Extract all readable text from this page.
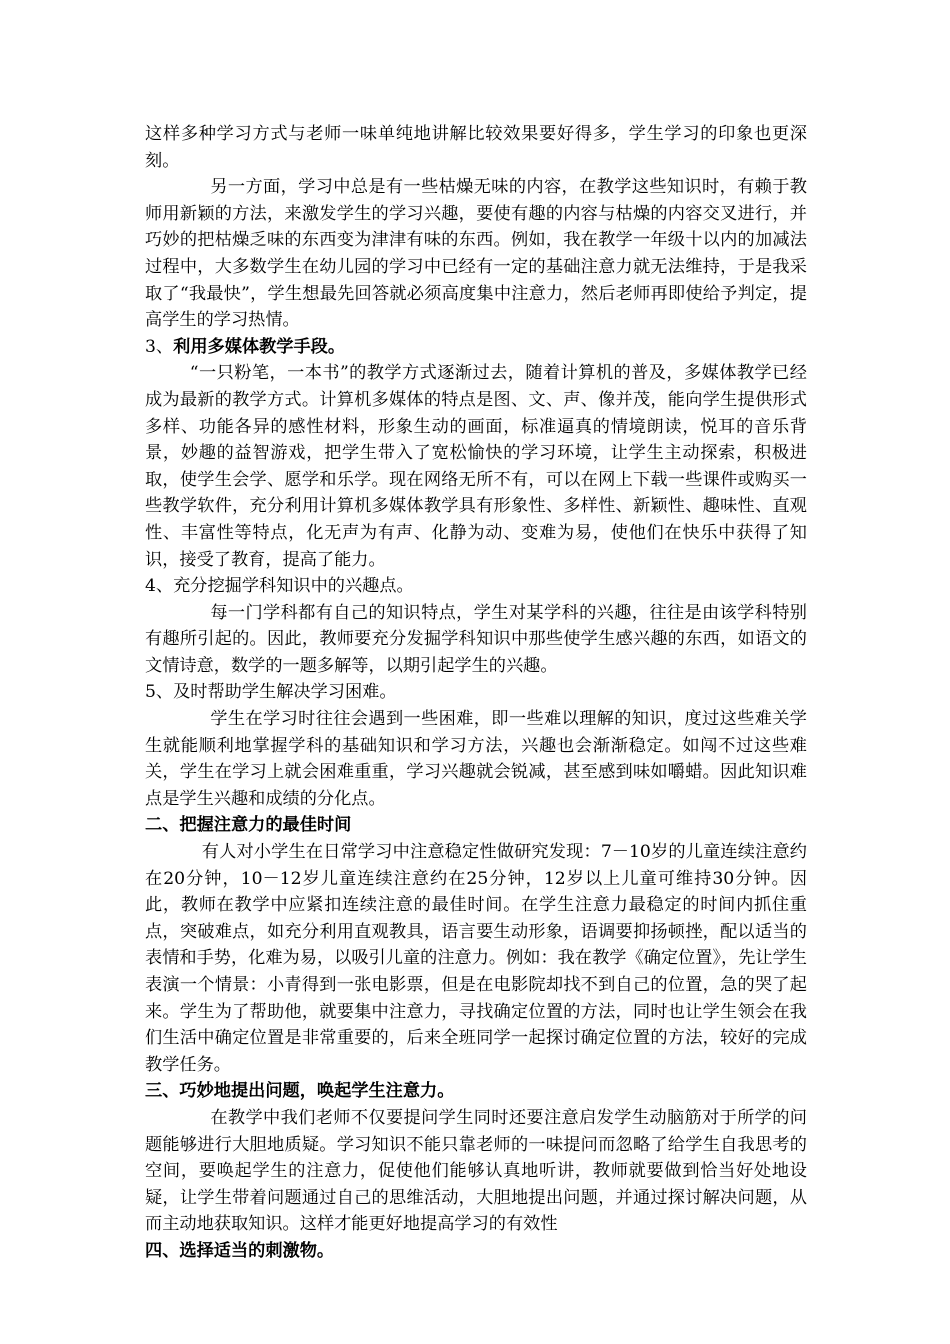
这样多种学习方式与老师一味单纯地讲解比较效果要好得多，学生学习的印象也更深刻。

另一方面，学习中总是有一些枯燥无味的内容，在教学这些知识时，有赖于教师用新颖的方法，来激发学生的学习兴趣，要使有趣的内容与枯燥的内容交叉进行，并巧妙的把枯燥乏味的东西变为津津有味的东西。例如，我在教学一年级十以内的加减法过程中，大多数学生在幼儿园的学习中已经有一定的基础注意力就无法维持，于是我采取了“我最快”，学生想最先回答就必须高度集中注意力，然后老师再即使给予判定，提高学生的学习热情。

3、利用多媒体教学手段。

“一只粉笔，一本书”的教学方式逐渐过去，随着计算机的普及，多媒体教学已经成为最新的教学方式。计算机多媒体的特点是图、文、声、像并茂，能向学生提供形式多样、功能各异的感性材料，形象生动的画面，标准逼真的情境朗读，悦耳的音乐背景，妙趣的益智游戏，把学生带入了宽松愉快的学习环境，让学生主动探索，积极进取，使学生会学、愿学和乐学。现在网络无所不有，可以在网上下载一些课件或购买一些教学软件，充分利用计算机多媒体教学具有形象性、多样性、新颖性、趣味性、直观性、丰富性等特点，化无声为有声、化静为动、变难为易，使他们在快乐中获得了知识，接受了教育，提高了能力。

4、充分挖掘学科知识中的兴趣点。

每一门学科都有自己的知识特点，学生对某学科的兴趣，往往是由该学科特别有趣所引起的。因此，教师要充分发掘学科知识中那些使学生感兴趣的东西，如语文的文情诗意，数学的一题多解等，以期引起学生的兴趣。

5、及时帮助学生解决学习困难。

学生在学习时往往会遇到一些困难，即一些难以理解的知识，度过这些难关学生就能顺利地掌握学科的基础知识和学习方法，兴趣也会渐渐稳定。如闯不过这些难关，学生在学习上就会困难重重，学习兴趣就会锐减，甚至感到味如嚼蜡。因此知识难点是学生兴趣和成绩的分化点。

二、把握注意力的最佳时间

有人对小学生在日常学习中注意稳定性做研究发现：7－10岁的儿童连续注意约在20分钟，10－12岁儿童连续注意约在25分钟，12岁以上儿童可维持30分钟。因此，教师在教学中应紧扣连续注意的最佳时间。在学生注意力最稳定的时间内抓住重点，突破难点，如充分利用直观教具，语言要生动形象，语调要抑扬顿挫，配以适当的表情和手势，化难为易，以吸引儿童的注意力。例如：我在教学《确定位置》，先让学生表演一个情景：小青得到一张电影票，但是在电影院却找不到自己的位置，急的哭了起来。学生为了帮助他，就要集中注意力，寻找确定位置的方法，同时也让学生领会在我们生活中确定位置是非常重要的，后来全班同学一起探讨确定位置的方法，较好的完成教学任务。

三、巧妙地提出问题，唤起学生注意力。

在教学中我们老师不仅要提问学生同时还要注意启发学生动脑筋对于所学的问题能够进行大胆地质疑。学习知识不能只靠老师的一味提问而忽略了给学生自我思考的空间，要唤起学生的注意力，促使他们能够认真地听讲，教师就要做到恰当好处地设疑，让学生带着问题通过自己的思维活动，大胆地提出问题，并通过探讨解决问题，从而主动地获取知识。这样才能更好地提高学习的有效性

四、选择适当的刺激物。
